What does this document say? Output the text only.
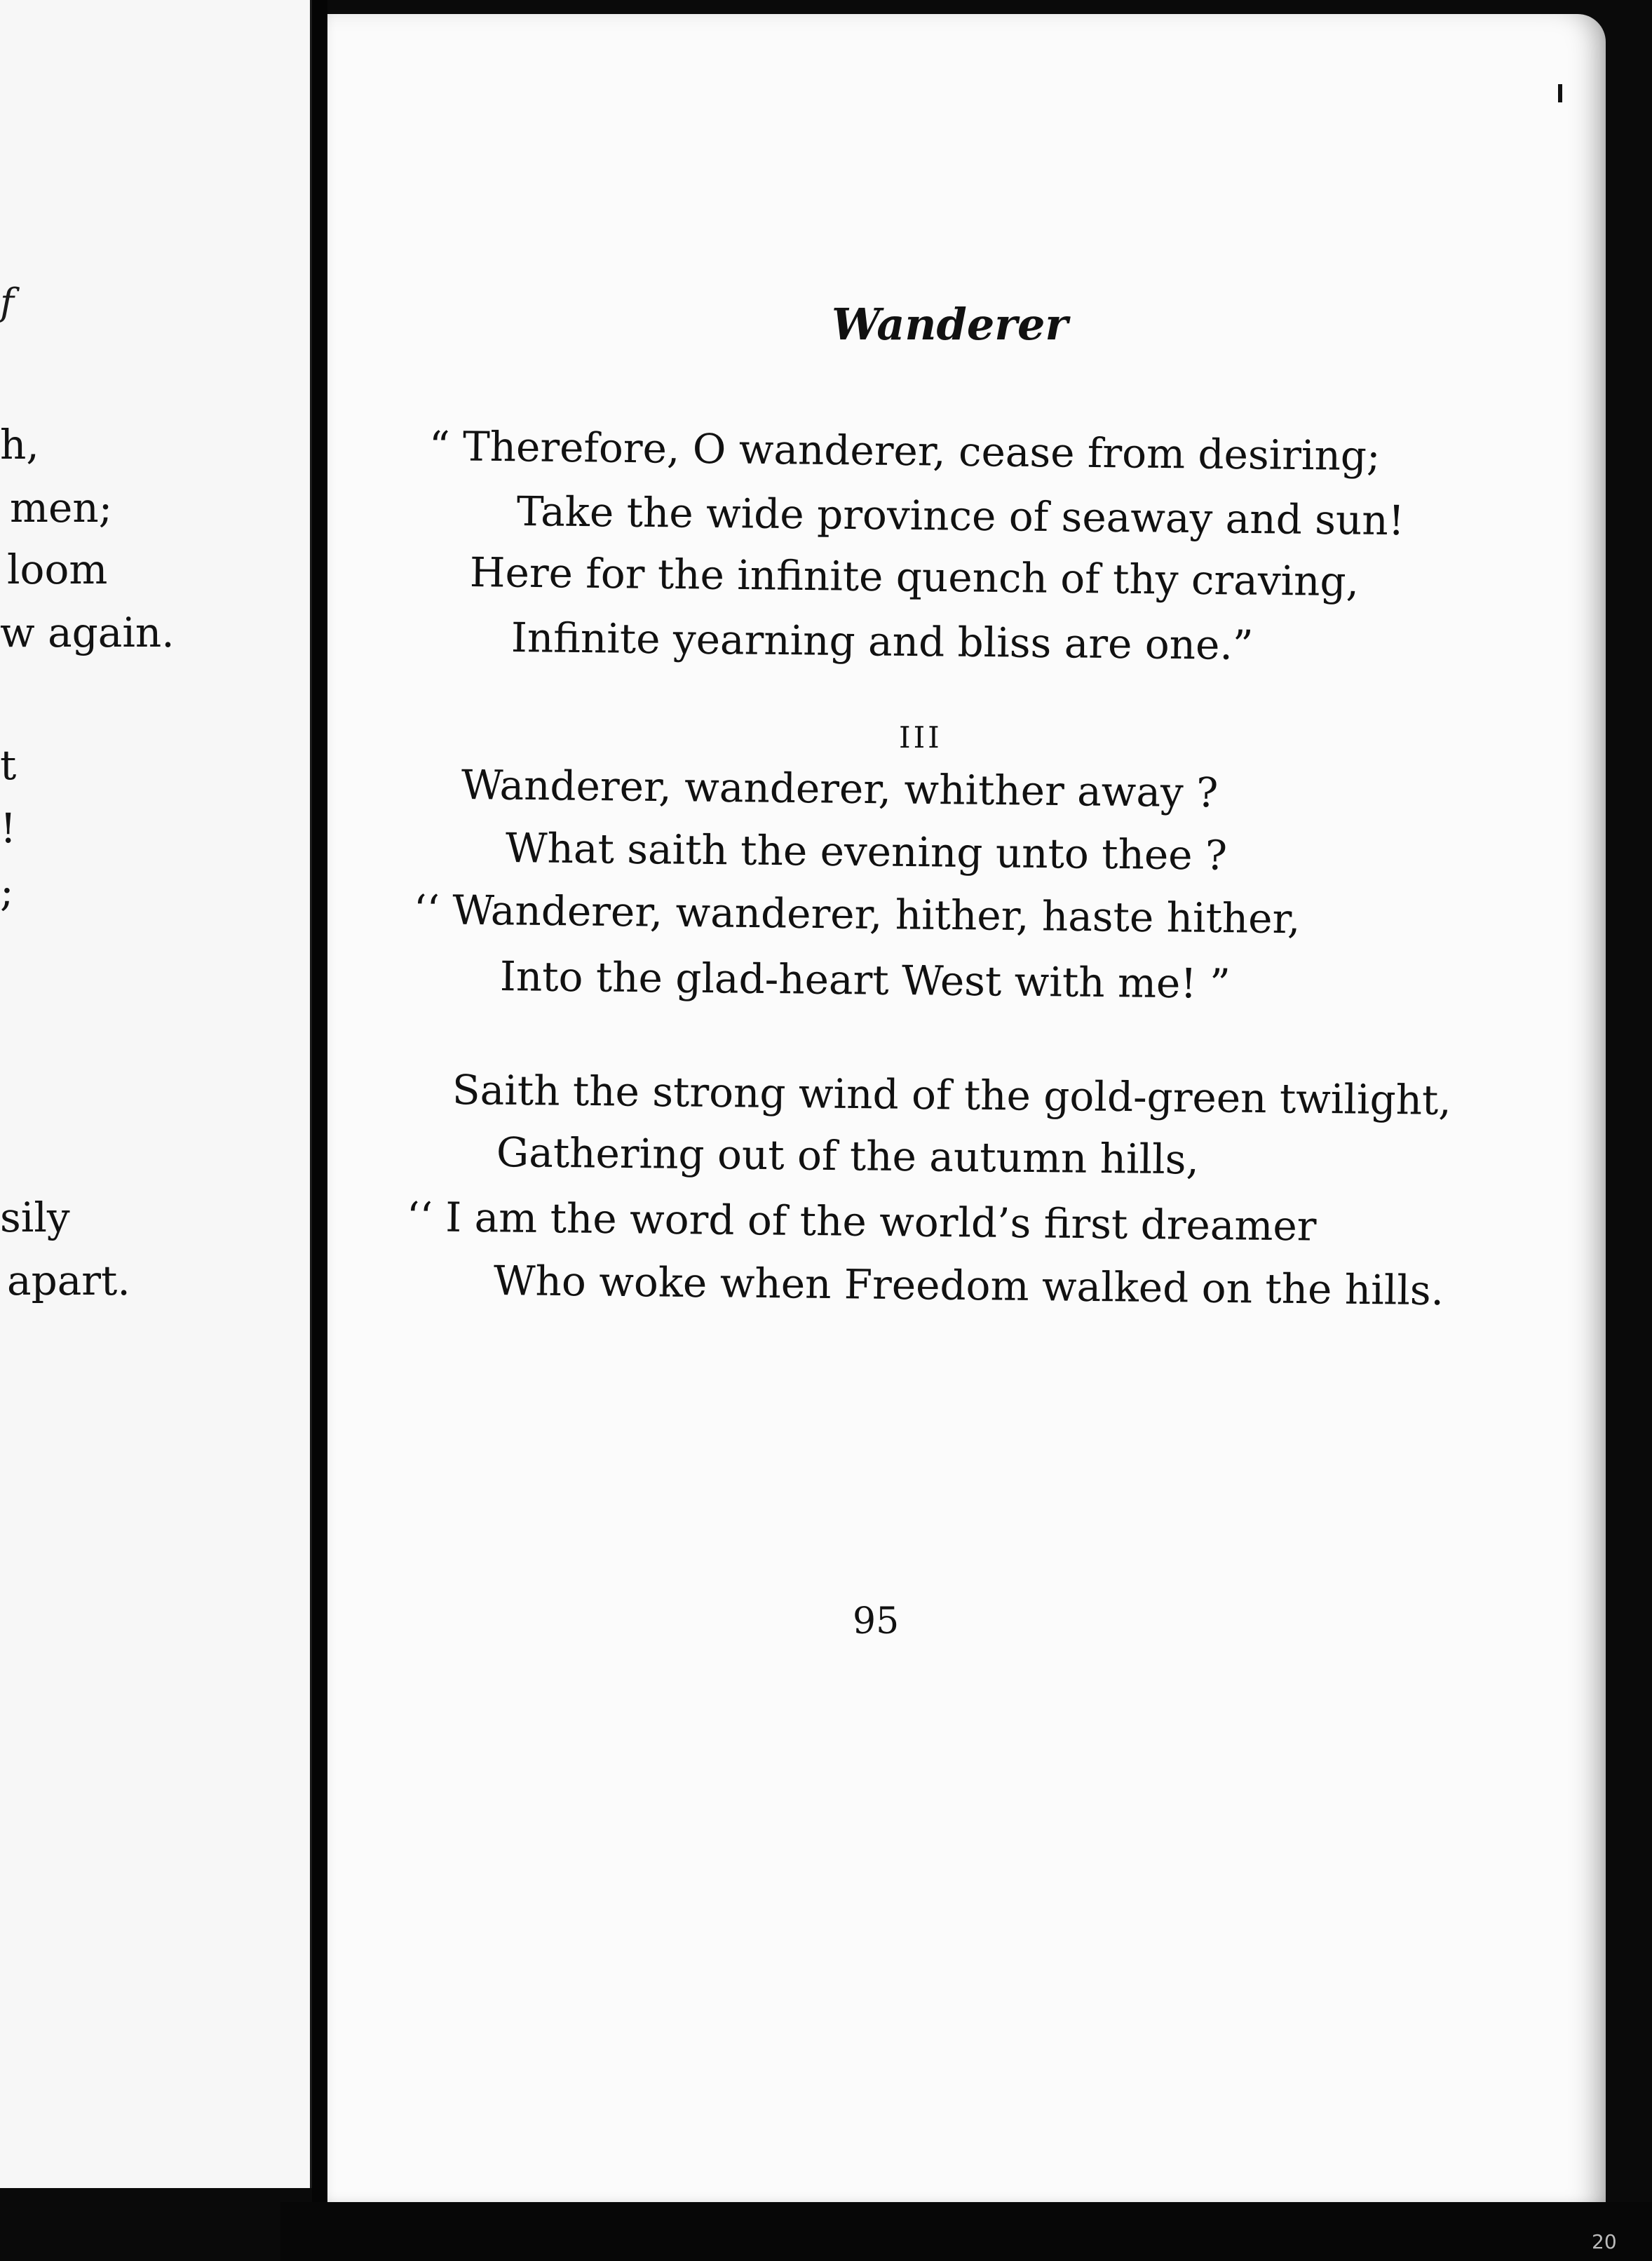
ƒ
h,
men;
loom
w again.
t
!
;
sily
apart.
Wanderer
“ Therefore, O wanderer, cease from desiring;
Take the wide province of seaway and sun!
Here for the infinite quench of thy craving,
Infinite yearning and bliss are one.”
III
Wanderer, wanderer, whither away ?
What saith the evening unto thee ?
‘‘ Wanderer, wanderer, hither, haste hither,
Into the glad-heart West with me! ”
Saith the strong wind of the gold-green twilight,
Gathering out of the autumn hills,
‘‘ I am the word of the world’s first dreamer
Who woke when Freedom walked on the hills.
95
20
